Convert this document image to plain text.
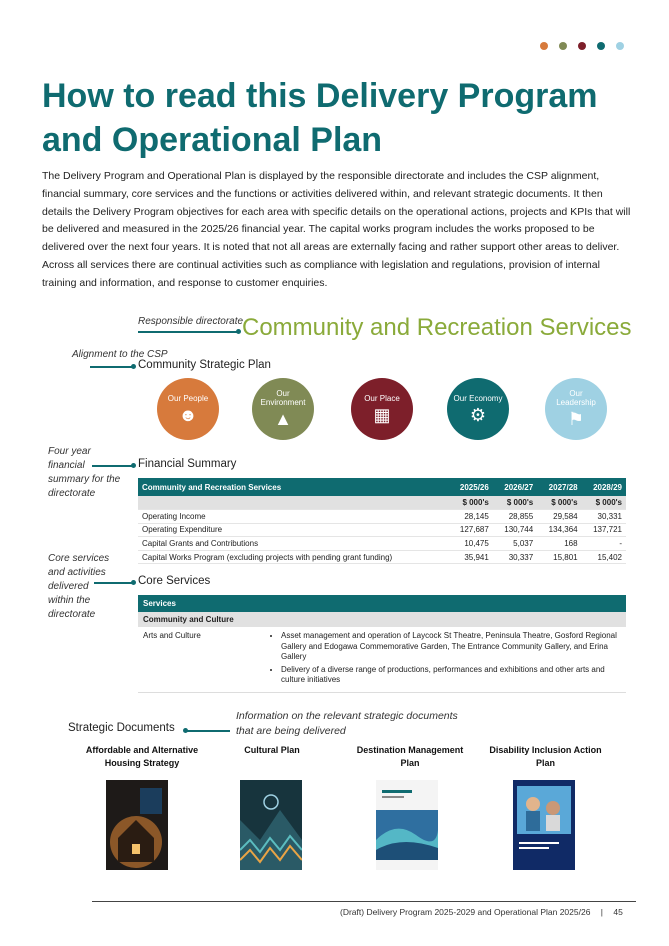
How to read this Delivery Program
and Operational Plan

The Delivery Program and Operational Plan is displayed by the responsible directorate and includes the CSP alignment, financial summary, core services and the functions or activities delivered within, and relevant strategic documents. It then details the Delivery Program objectives for each area with specific details on the operational actions, projects and KPIs that will be delivered and measured in the 2025/26 financial year. The capital works program includes the works proposed to be delivered over the next four years. It is noted that not all areas are externally facing and rather support other areas to deliver. Across all services there are continual activities such as compliance with legislation and regulations, provision of internal training and information, and response to customer enquiries.

Responsible directorate
Community and Recreation Services
Alignment to the CSP
Community Strategic Plan
Our People
☻
Our
Environment
▲
Our Place
▦
Our Economy
⚙
Our
Leadership
⚑
Four year
financial
summary for the
directorate
Financial Summary
Community and Recreation Services	2025/26	2026/27	2027/28	2028/29
	$ 000's	$ 000's	$ 000's	$ 000's
Operating Income	28,145	28,855	29,584	30,331
Operating Expenditure	127,687	130,744	134,364	137,721
Capital Grants and Contributions	10,475	5,037	168	-
Capital Works Program (excluding projects with pending grant funding)	35,941	30,337	15,801	15,402
Core services
and activities
delivered
within the
directorate
Core Services
Services
Community and Culture
Arts and Culture	• Asset management and operation of Laycock St Theatre, Peninsula Theatre, Gosford Regional Gallery and Edogawa Commemorative Garden, The Entrance Community Gallery, and Erina Gallery
• Delivery of a diverse range of productions, performances and exhibitions and other arts and culture initiatives
Strategic Documents
Information on the relevant strategic documents
that are being delivered
Affordable and Alternative
Housing Strategy
Cultural Plan	Destination Management
Plan
Disability Inclusion Action
Plan
(Draft) Delivery Program 2025-2029 and Operational Plan 2025/26 | 45
